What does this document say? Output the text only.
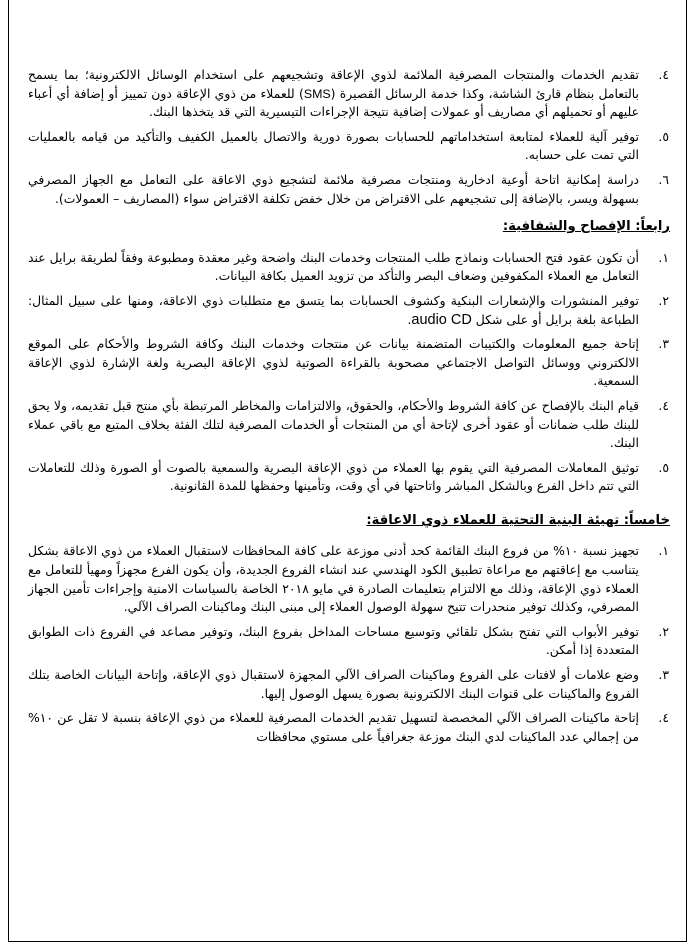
٤.
تقديم الخدمات والمنتجات المصرفية الملائمة لذوي الإعاقة وتشجيعهم على استخدام الوسائل الالكترونية؛ بما يسمح بالتعامل بنظام قارئ الشاشة، وكذا خدمة الرسائل القصيرة (SMS) للعملاء من ذوي الإعاقة دون تمييز أو إضافة أي أعباء عليهم أو تحميلهم أي مصاريف أو عمولات إضافية نتيجة الإجراءات التيسيرية التي قد يتخذها البنك.
٥.
توفير آلية للعملاء لمتابعة استخداماتهم للحسابات بصورة دورية والاتصال بالعميل الكفيف والتأكيد من قيامه بالعمليات التي تمت على حسابه.
٦.
دراسة إمكانية اتاحة أوعية ادخارية ومنتجات مصرفية ملائمة لتشجيع ذوي الاعاقة على التعامل مع الجهاز المصرفي بسهولة ويسر، بالإضافة إلى تشجيعهم على الاقتراض من خلال خفض تكلفة الاقتراض سواء (المصاريف – العمولات).
رابعاً: الإفصاح والشفافية:
١.
أن تكون عقود فتح الحسابات ونماذج طلب المنتجات وخدمات البنك واضحة وغير معقدة ومطبوعة وفقاً لطريقة برايل عند التعامل مع العملاء المكفوفين وضعاف البصر والتأكد من تزويد العميل بكافة البيانات.
٢.
توفير المنشورات والإشعارات البنكية وكشوف الحسابات بما يتسق مع متطلبات ذوي الاعاقة، ومنها على سبيل المثال: الطباعة بلغة برايل أو على شكل audio CD.
٣.
إتاحة جميع المعلومات والكتيبات المتضمنة بيانات عن منتجات وخدمات البنك وكافة الشروط والأحكام على الموقع الالكتروني ووسائل التواصل الاجتماعي مصحوبة بالقراءة الصوتية لذوي الإعاقة البصرية ولغة الإشارة لذوي الإعاقة السمعية.
٤.
قيام البنك بالإفصاح عن كافة الشروط والأحكام، والحقوق، والالتزامات والمخاطر المرتبطة بأي منتج قبل تقديمه، ولا يحق للبنك طلب ضمانات أو عقود أخرى لإتاحة أي من المنتجات أو الخدمات المصرفية لتلك الفئة بخلاف المتبع مع باقي عملاء البنك.
٥.
توثيق المعاملات المصرفية التي يقوم بها العملاء من ذوي الإعاقة البصرية والسمعية بالصوت أو الصورة وذلك للتعاملات التي تتم داخل الفرع وبالشكل المباشر واتاحتها في أي وقت، وتأمينها وحفظها للمدة القانونية.
خامساً: تهيئة البنية التحتية للعملاء ذوي الاعاقة:
١.
تجهيز نسبة ١٠% من فروع البنك القائمة كحد أدنى موزعة على كافة المحافظات لاستقبال العملاء من ذوي الاعاقة بشكل يتناسب مع إعاقتهم مع مراعاة تطبيق الكود الهندسي عند انشاء الفروع الجديدة، وأن يكون الفرع مجهزاً ومهيأ للتعامل مع العملاء ذوي الإعاقة، وذلك مع الالتزام بتعليمات الصادرة في مايو ٢٠١٨ الخاصة بالسياسات الامنية وإجراءات تأمين الجهاز المصرفي، وكذلك توفير منحدرات تتيح سهولة الوصول العملاء إلى مبنى البنك وماكينات الصراف الآلي.
٢.
توفير الأبواب التي تفتح بشكل تلقائي وتوسيع مساحات المداخل بفروع البنك، وتوفير مصاعد في الفروع ذات الطوابق المتعددة إذا أمكن.
٣.
وضع علامات أو لافتات على الفروع وماكينات الصراف الآلي المجهزة لاستقبال ذوي الإعاقة، وإتاحة البيانات الخاصة بتلك الفروع والماكينات على قنوات البنك الالكترونية بصورة يسهل الوصول إليها.
٤.
إتاحة ماكينات الصراف الآلي المخصصة لتسهيل تقديم الخدمات المصرفية للعملاء من ذوي الإعاقة بنسبة لا تقل عن ١٠% من إجمالي عدد الماكينات لدي البنك موزعة جغرافياً على مستوي محافظات
